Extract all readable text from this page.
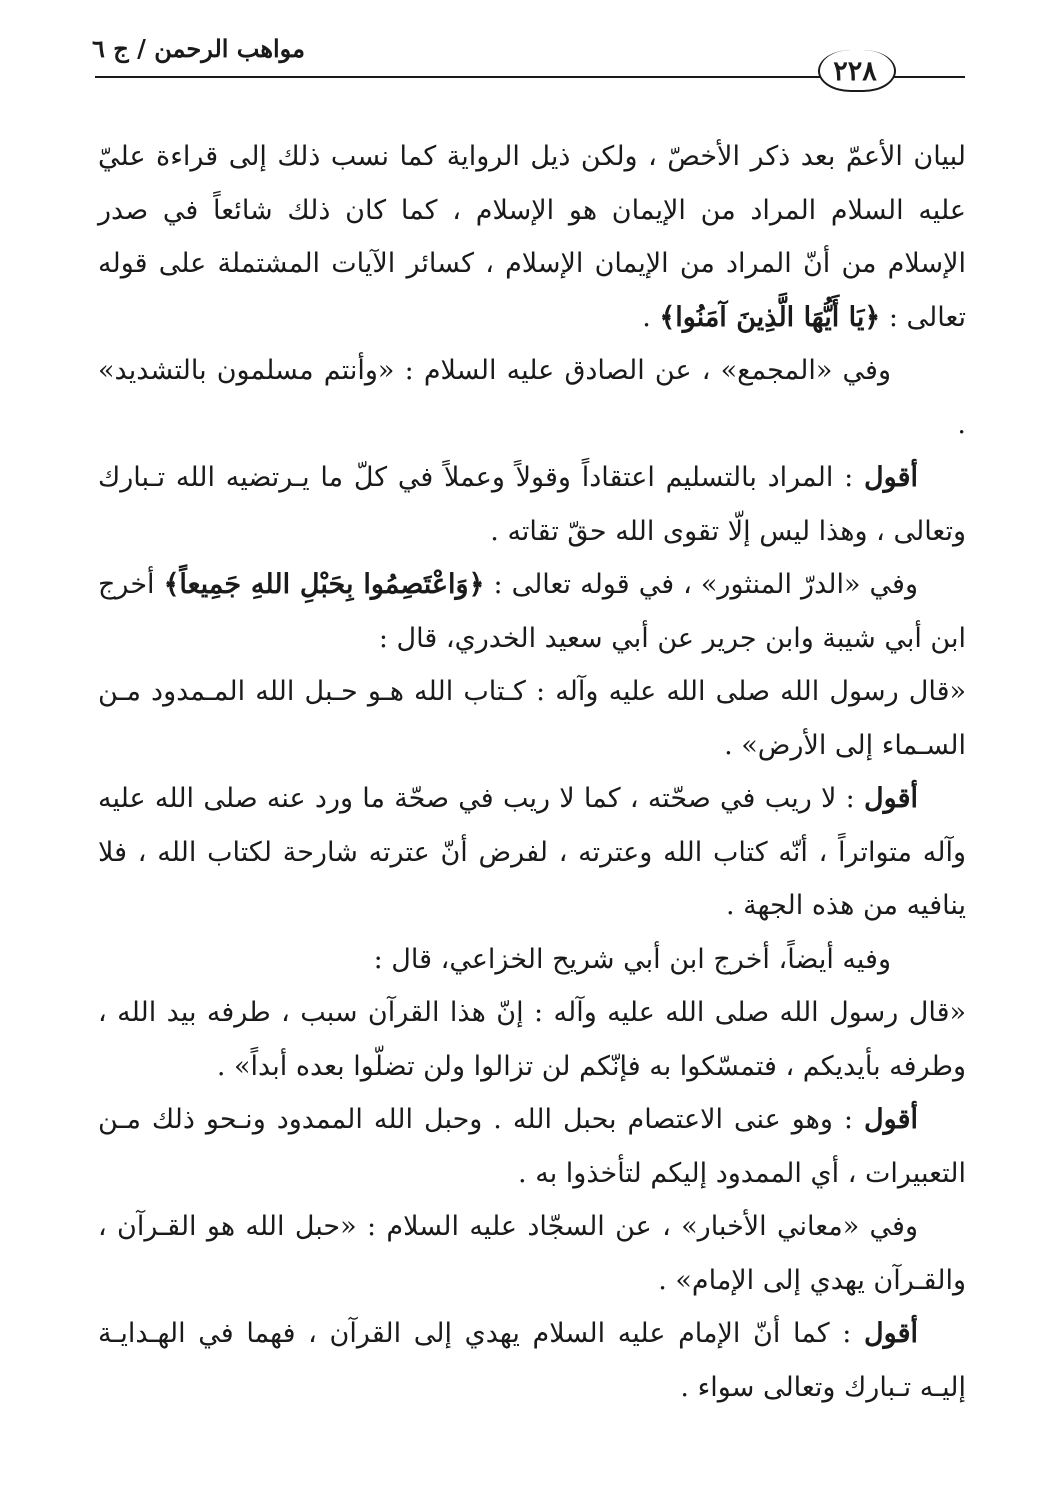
مواهب الرحمن / ج ٦
٢٢٨

لبيان الأعمّ بعد ذكر الأخصّ ، ولكن ذيل الرواية كما نسب ذلك إلى قراءة عليّ عليه السلام المراد من الإيمان هو الإسلام ، كما كان ذلك شائعاً في صدر الإسلام من أنّ المراد من الإيمان الإسلام ، كسائر الآيات المشتملة على قوله تعالى : ﴿يَا أَيُّهَا الَّذِينَ آمَنُوا﴾ .

وفي «المجمع» ، عن الصادق عليه السلام : «وأنتم مسلمون بالتشديد» .

أقول : المراد بالتسليم اعتقاداً وقولاً وعملاً في كلّ ما يـرتضيه الله تـبارك وتعالى ، وهذا ليس إلّا تقوى الله حقّ تقاته .

وفي «الدرّ المنثور» ، في قوله تعالى : ﴿وَاعْتَصِمُوا بِحَبْلِ اللهِ جَمِيعاً﴾ أخرج ابن أبي شيبة وابن جرير عن أبي سعيد الخدري، قال :

«قال رسول الله صلى الله عليه وآله : كـتاب الله هـو حـبل الله المـمدود مـن السـماء إلى الأرض» .

أقول : لا ريب في صحّته ، كما لا ريب في صحّة ما ورد عنه صلى الله عليه وآله متواتراً ، أنّه كتاب الله وعترته ، لفرض أنّ عترته شارحة لكتاب الله ، فلا ينافيه من هذه الجهة .

وفيه أيضاً، أخرج ابن أبي شريح الخزاعي، قال :

«قال رسول الله صلى الله عليه وآله : إنّ هذا القرآن سبب ، طرفه بيد الله ، وطرفه بأيديكم ، فتمسّكوا به فإنّكم لن تزالوا ولن تضلّوا بعده أبداً» .

أقول : وهو عنى الاعتصام بحبل الله . وحبل الله الممدود ونـحو ذلك مـن التعبيرات ، أي الممدود إليكم لتأخذوا به .

وفي «معاني الأخبار» ، عن السجّاد عليه السلام : «حبل الله هو القـرآن ، والقـرآن يهدي إلى الإمام» .

أقول : كما أنّ الإمام عليه السلام يهدي إلى القرآن ، فهما في الهـدايـة إليـه تـبارك وتعالى سواء .
